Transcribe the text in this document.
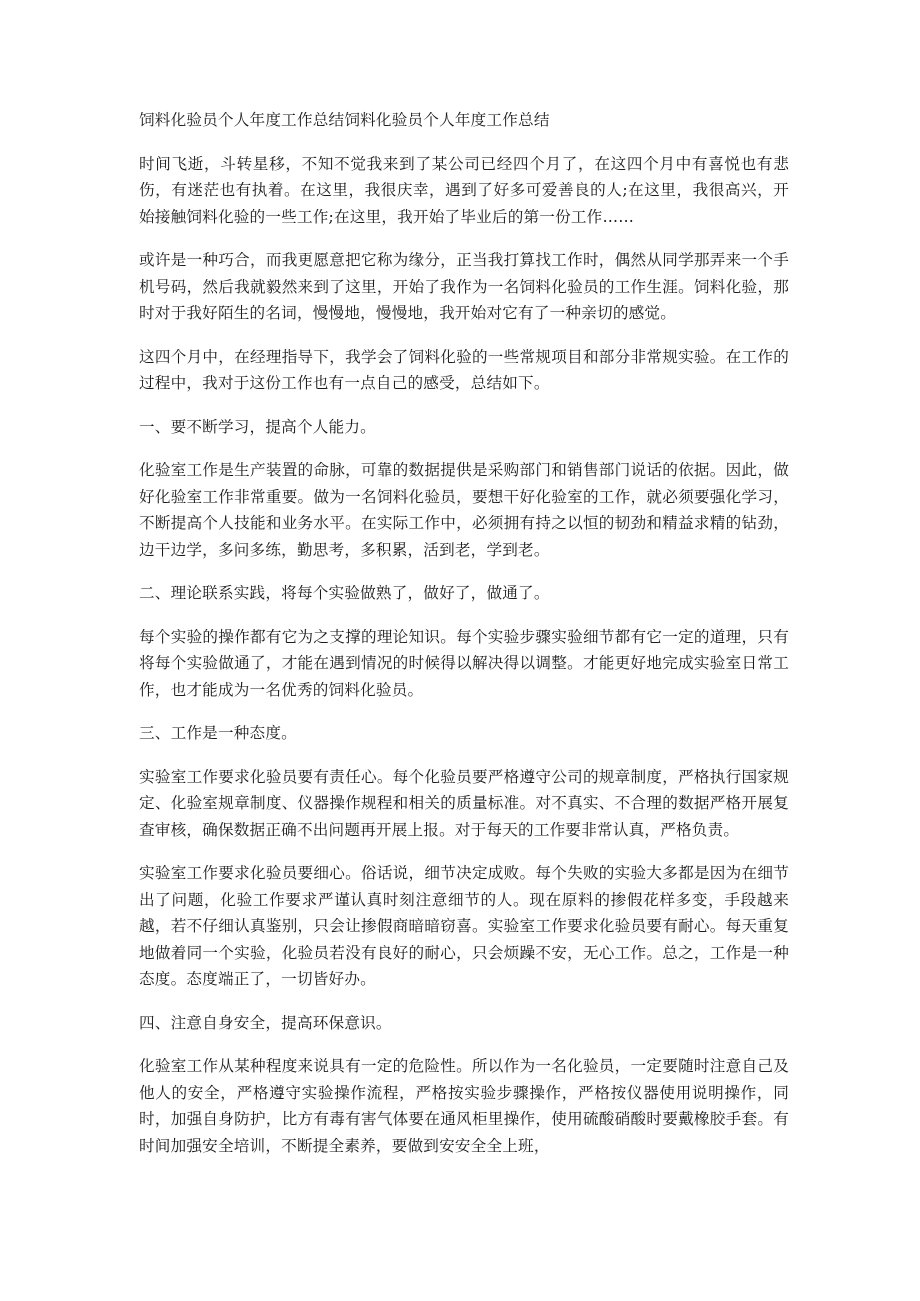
饲料化验员个人年度工作总结饲料化验员个人年度工作总结
时间飞逝，斗转星移，不知不觉我来到了某公司已经四个月了，在这四个月中有喜悦也有悲伤，有迷茫也有执着。在这里，我很庆幸，遇到了好多可爱善良的人;在这里，我很高兴，开始接触饲料化验的一些工作;在这里，我开始了毕业后的第一份工作……
或许是一种巧合，而我更愿意把它称为缘分，正当我打算找工作时，偶然从同学那弄来一个手机号码，然后我就毅然来到了这里，开始了我作为一名饲料化验员的工作生涯。饲料化验，那时对于我好陌生的名词，慢慢地，慢慢地，我开始对它有了一种亲切的感觉。
这四个月中，在经理指导下，我学会了饲料化验的一些常规项目和部分非常规实验。在工作的过程中，我对于这份工作也有一点自己的感受，总结如下。
一、要不断学习，提高个人能力。
化验室工作是生产装置的命脉，可靠的数据提供是采购部门和销售部门说话的依据。因此，做好化验室工作非常重要。做为一名饲料化验员，要想干好化验室的工作，就必须要强化学习，不断提高个人技能和业务水平。在实际工作中，必须拥有持之以恒的韧劲和精益求精的钻劲，边干边学，多问多练，勤思考，多积累，活到老，学到老。
二、理论联系实践，将每个实验做熟了，做好了，做通了。
每个实验的操作都有它为之支撑的理论知识。每个实验步骤实验细节都有它一定的道理，只有将每个实验做通了，才能在遇到情况的时候得以解决得以调整。才能更好地完成实验室日常工作，也才能成为一名优秀的饲料化验员。
三、工作是一种态度。
实验室工作要求化验员要有责任心。每个化验员要严格遵守公司的规章制度，严格执行国家规定、化验室规章制度、仪器操作规程和相关的质量标准。对不真实、不合理的数据严格开展复查审核，确保数据正确不出问题再开展上报。对于每天的工作要非常认真，严格负责。
实验室工作要求化验员要细心。俗话说，细节决定成败。每个失败的实验大多都是因为在细节出了问题，化验工作要求严谨认真时刻注意细节的人。现在原料的掺假花样多变，手段越来越，若不仔细认真鉴别，只会让掺假商暗暗窃喜。实验室工作要求化验员要有耐心。每天重复地做着同一个实验，化验员若没有良好的耐心，只会烦躁不安，无心工作。总之，工作是一种态度。态度端正了，一切皆好办。
四、注意自身安全，提高环保意识。
化验室工作从某种程度来说具有一定的危险性。所以作为一名化验员，一定要随时注意自己及他人的安全，严格遵守实验操作流程，严格按实验步骤操作，严格按仪器使用说明操作，同时，加强自身防护，比方有毒有害气体要在通风柜里操作，使用硫酸硝酸时要戴橡胶手套。有时间加强安全培训，不断提全素养，要做到安安全全上班，
